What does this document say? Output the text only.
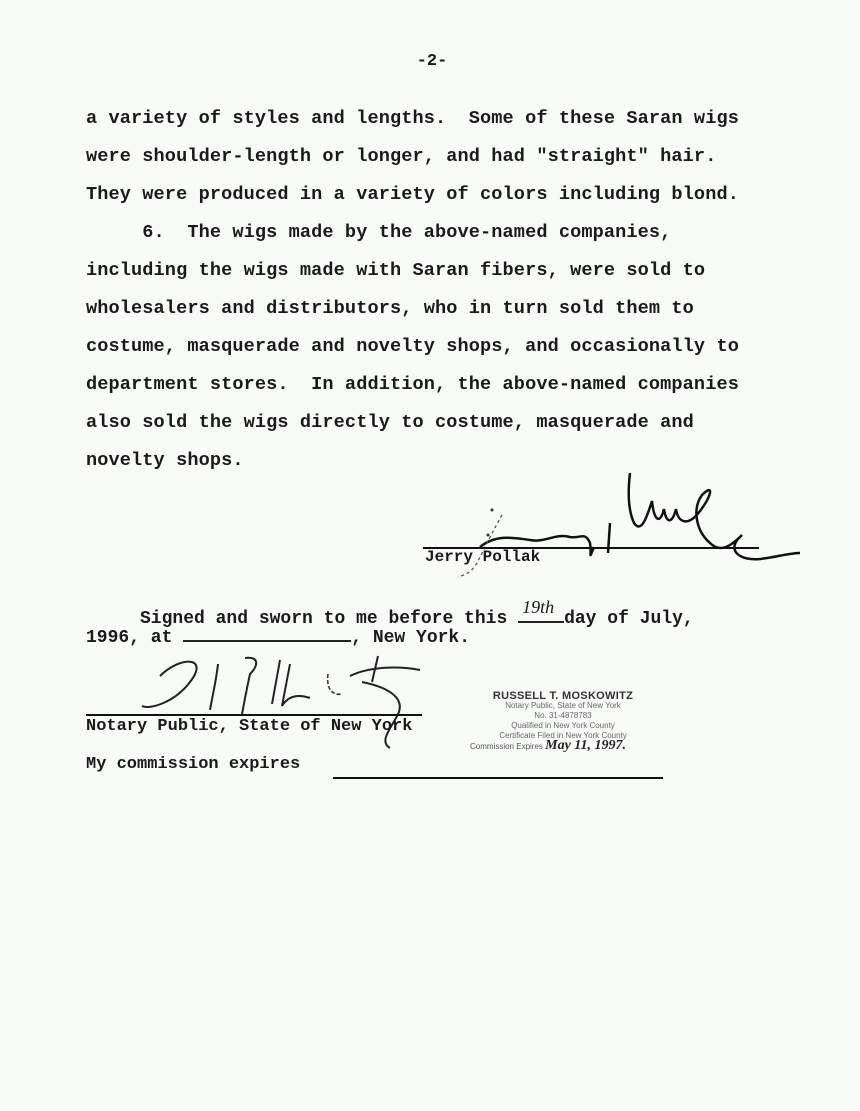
-2-
a variety of styles and lengths.  Some of these Saran wigs
were shoulder-length or longer, and had "straight" hair.
They were produced in a variety of colors including blond.
6.  The wigs made by the above-named companies,
including the wigs made with Saran fibers, were sold to
wholesalers and distributors, who in turn sold them to
costume, masquerade and novelty shops, and occasionally to
department stores.  In addition, the above-named companies
also sold the wigs directly to costume, masquerade and
novelty shops.
Jerry Pollak
Signed and sworn to me before this
19th
day of July,
1996, at	, New York.
Notary Public, State of New York
My commission expires
RUSSELL T. MOSKOWITZ
Notary Public, State of New York
No. 31-4878783
Qualified in New York County
Certificate Filed in New York County
Commission Expires May 11, 1997.
